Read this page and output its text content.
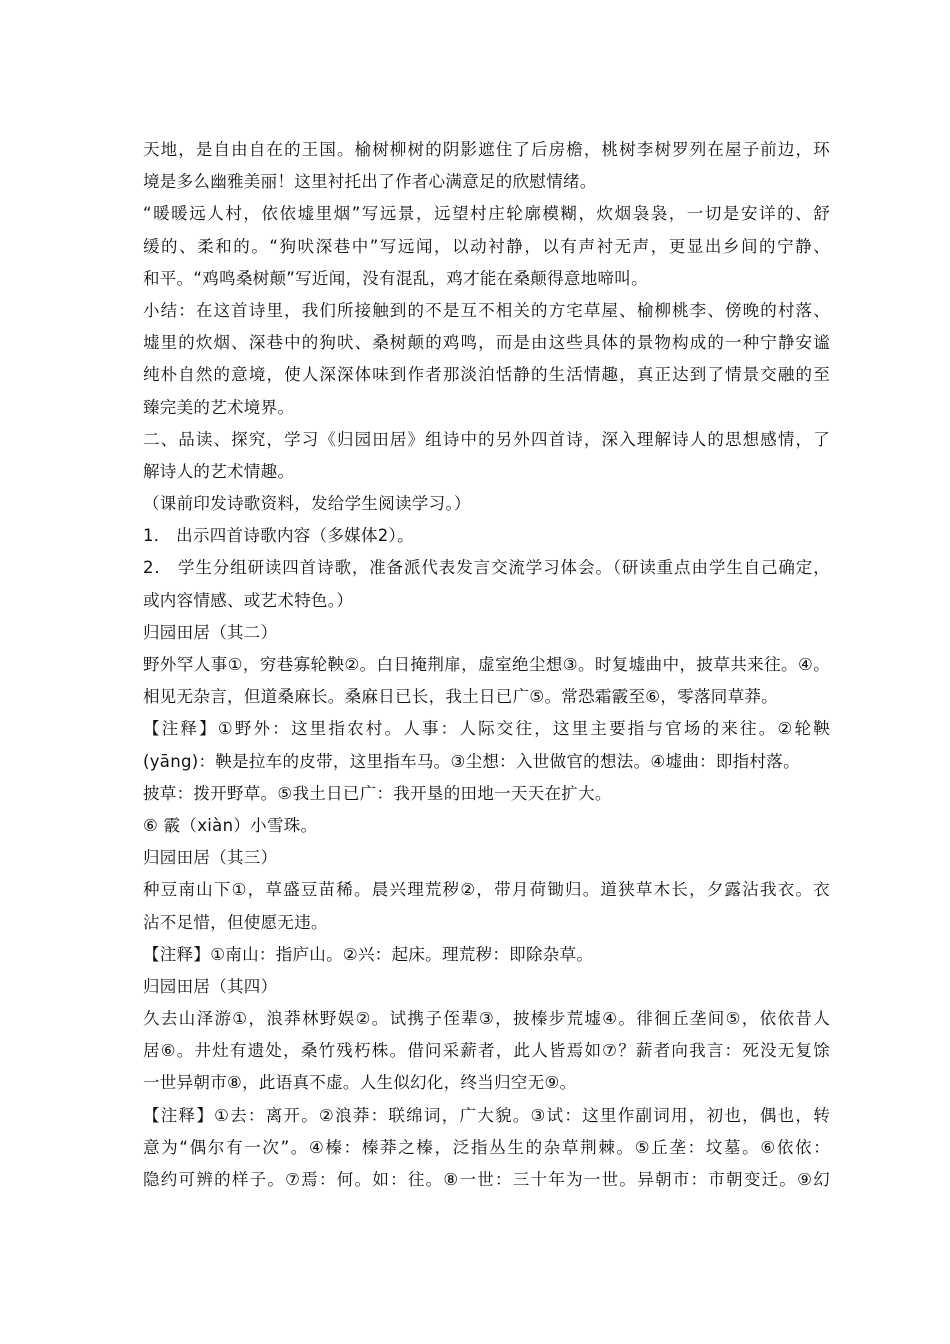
天地，是自由自在的王国。榆树柳树的阴影遮住了后房檐，桃树李树罗列在屋子前边，环
境是多么幽雅美丽！这里衬托出了作者心满意足的欣慰情绪。
“暖暖远人村，依依墟里烟”写远景，远望村庄轮廓模糊，炊烟袅袅，一切是安详的、舒
缓的、柔和的。“狗吠深巷中”写远闻，以动衬静，以有声衬无声，更显出乡间的宁静、
和平。“鸡鸣桑树颠”写近闻，没有混乱，鸡才能在桑颠得意地啼叫。
小结：在这首诗里，我们所接触到的不是互不相关的方宅草屋、榆柳桃李、傍晚的村落、
墟里的炊烟、深巷中的狗吠、桑树颠的鸡鸣，而是由这些具体的景物构成的一种宁静安谧
纯朴自然的意境，使人深深体味到作者那淡泊恬静的生活情趣，真正达到了情景交融的至
臻完美的艺术境界。
二、品读、探究，学习《归园田居》组诗中的另外四首诗，深入理解诗人的思想感情，了
解诗人的艺术情趣。
（课前印发诗歌资料，发给学生阅读学习。）
1． 出示四首诗歌内容（多媒体2）。
2． 学生分组研读四首诗歌，准备派代表发言交流学习体会。（研读重点由学生自己确定，
或内容情感、或艺术特色。）
归园田居（其二）
野外罕人事①，穷巷寡轮鞅②。白日掩荆扉，虚室绝尘想③。时复墟曲中，披草共来往。④。
相见无杂言，但道桑麻长。桑麻日已长，我土日已广⑤。常恐霜霰至⑥，零落同草莽。
【注释】①野外：这里指农村。人事：人际交往，这里主要指与官场的来往。②轮鞅
(yāng)：鞅是拉车的皮带，这里指车马。③尘想：入世做官的想法。④墟曲：即指村落。
披草：拨开野草。⑤我土日已广：我开垦的田地一天天在扩大。
⑥ 霰（xiàn）小雪珠。
归园田居（其三）
种豆南山下①，草盛豆苗稀。晨兴理荒秽②，带月荷锄归。道狭草木长，夕露沾我衣。衣
沾不足惜，但使愿无违。
【注释】①南山：指庐山。②兴：起床。理荒秽：即除杂草。
归园田居（其四）
久去山泽游①，浪莽林野娱②。试携子侄辈③，披榛步荒墟④。徘徊丘垄间⑤，依依昔人
居⑥。井灶有遗处，桑竹残朽株。借问采薪者，此人皆焉如⑦？薪者向我言：死没无复馀
一世异朝市⑧，此语真不虚。人生似幻化，终当归空无⑨。
【注释】①去：离开。②浪莽：联绵词，广大貌。③试：这里作副词用，初也，偶也，转
意为“偶尔有一次”。④榛：榛莽之榛，泛指丛生的杂草荆棘。⑤丘垄：坟墓。⑥依依：
隐约可辨的样子。⑦焉：何。如：往。⑧一世：三十年为一世。异朝市：市朝变迁。⑨幻
